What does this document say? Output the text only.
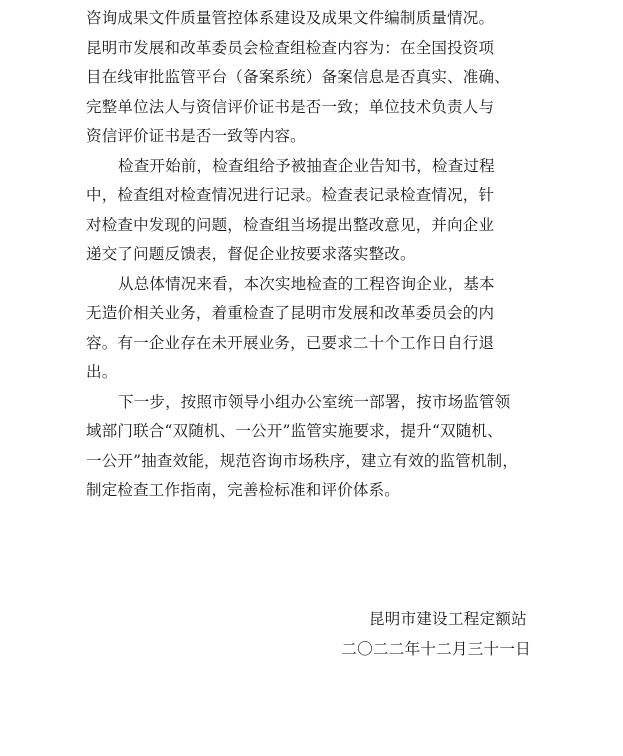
咨询成果文件质量管控体系建设及成果文件编制质量情况。
昆明市发展和改革委员会检查组检查内容为：在全国投资项
目在线审批监管平台（备案系统）备案信息是否真实、准确、
完整单位法人与资信评价证书是否一致；单位技术负责人与
资信评价证书是否一致等内容。
检查开始前，检查组给予被抽查企业告知书，检查过程
中，检查组对检查情况进行记录。检查表记录检查情况，针
对检查中发现的问题，检查组当场提出整改意见，并向企业
递交了问题反馈表，督促企业按要求落实整改。
从总体情况来看，本次实地检查的工程咨询企业，基本
无造价相关业务，着重检查了昆明市发展和改革委员会的内
容。有一企业存在未开展业务，已要求二十个工作日自行退
出。
下一步，按照市领导小组办公室统一部署，按市场监管领
域部门联合“双随机、一公开”监管实施要求，提升“双随机、
一公开”抽查效能，规范咨询市场秩序，建立有效的监管机制，
制定检查工作指南，完善检标准和评价体系。
昆明市建设工程定额站
二〇二二年十二月三十一日
